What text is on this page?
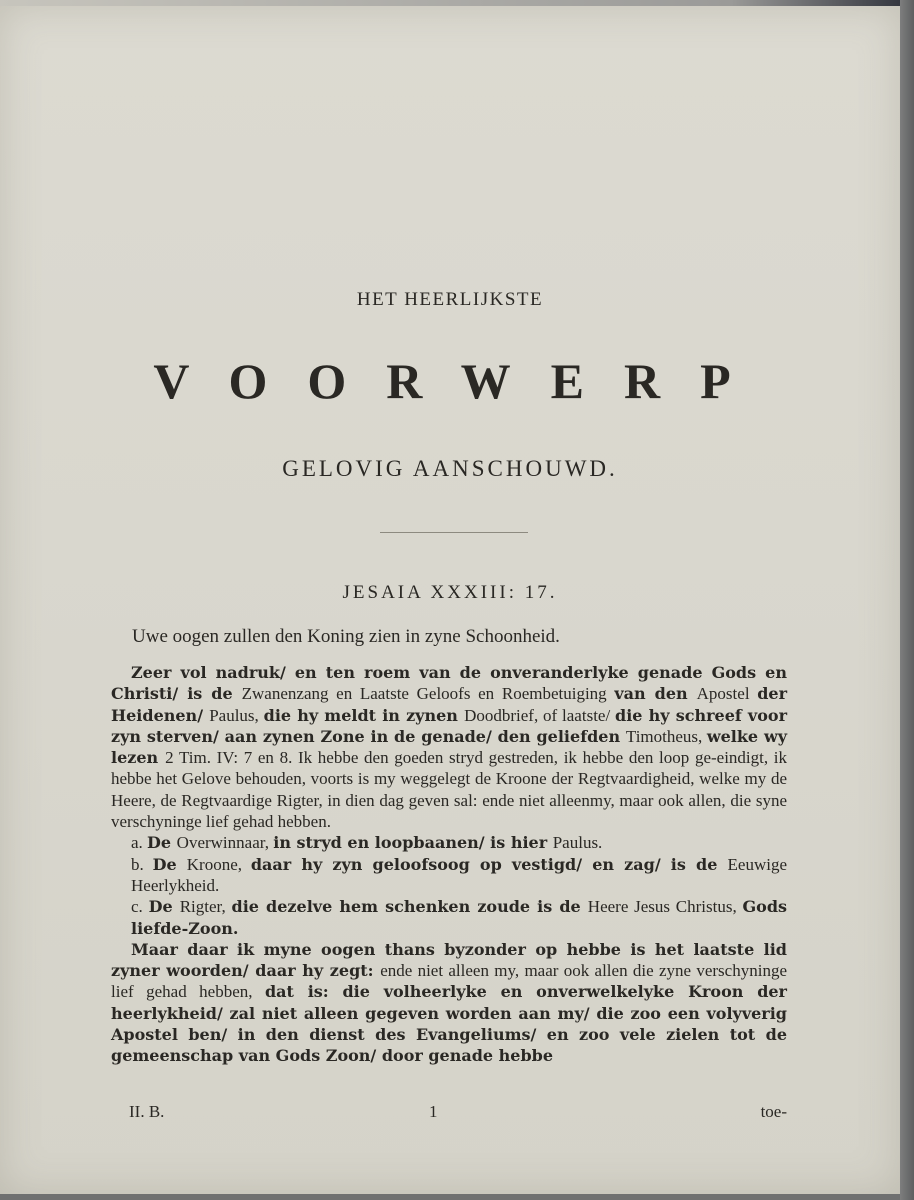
HET HEERLIJKSTE
VOORWERP
GELOVIG AANSCHOUWD.
JESAIA XXXIII: 17.
Uwe oogen zullen den Koning zien in zyne Schoonheid.

Zeer vol nadruk/ en ten roem van de onveranderlyke genade Gods en Christi/ is de Zwanenzang en Laatste Geloofs en Roembetuiging van den Apostel der Heidenen/ Paulus, die hy meldt in zynen Doodbrief, of laatste/ die hy schreef voor zyn sterven/ aan zynen Zone in de genade/ den geliefden Timotheus, welke wy lezen 2 Tim. IV: 7 en 8. Ik hebbe den goeden stryd gestreden, ik hebbe den loop ge-eindigt, ik hebbe het Gelove behouden, voorts is my weggelegt de Kroone der Regtvaardigheid, welke my de Heere, de Regtvaardige Rigter, in dien dag geven sal: ende niet alleenmy, maar ook allen, die syne verschyninge lief gehad hebben.

a. De Overwinnaar, in stryd en loopbaanen/ is hier Paulus.

b. De Kroone, daar hy zyn geloofsoog op vestigd/ en zag/ is de Eeuwige Heerlykheid.

c. De Rigter, die dezelve hem schenken zoude is de Heere Jesus Christus, Gods liefde-Zoon.

Maar daar ik myne oogen thans byzonder op hebbe is het laatste lid zyner woorden/ daar hy zegt: ende niet alleen my, maar ook allen die zyne verschyninge lief gehad hebben, dat is: die volheerlyke en onverwelkelyke Kroon der heerlykheid/ zal niet alleen gegeven worden aan my/ die zoo een volyverig Apostel ben/ in den dienst des Evangeliums/ en zoo vele zielen tot de gemeenschap van Gods Zoon/ door genade hebbe

II. B.	1	toe-
